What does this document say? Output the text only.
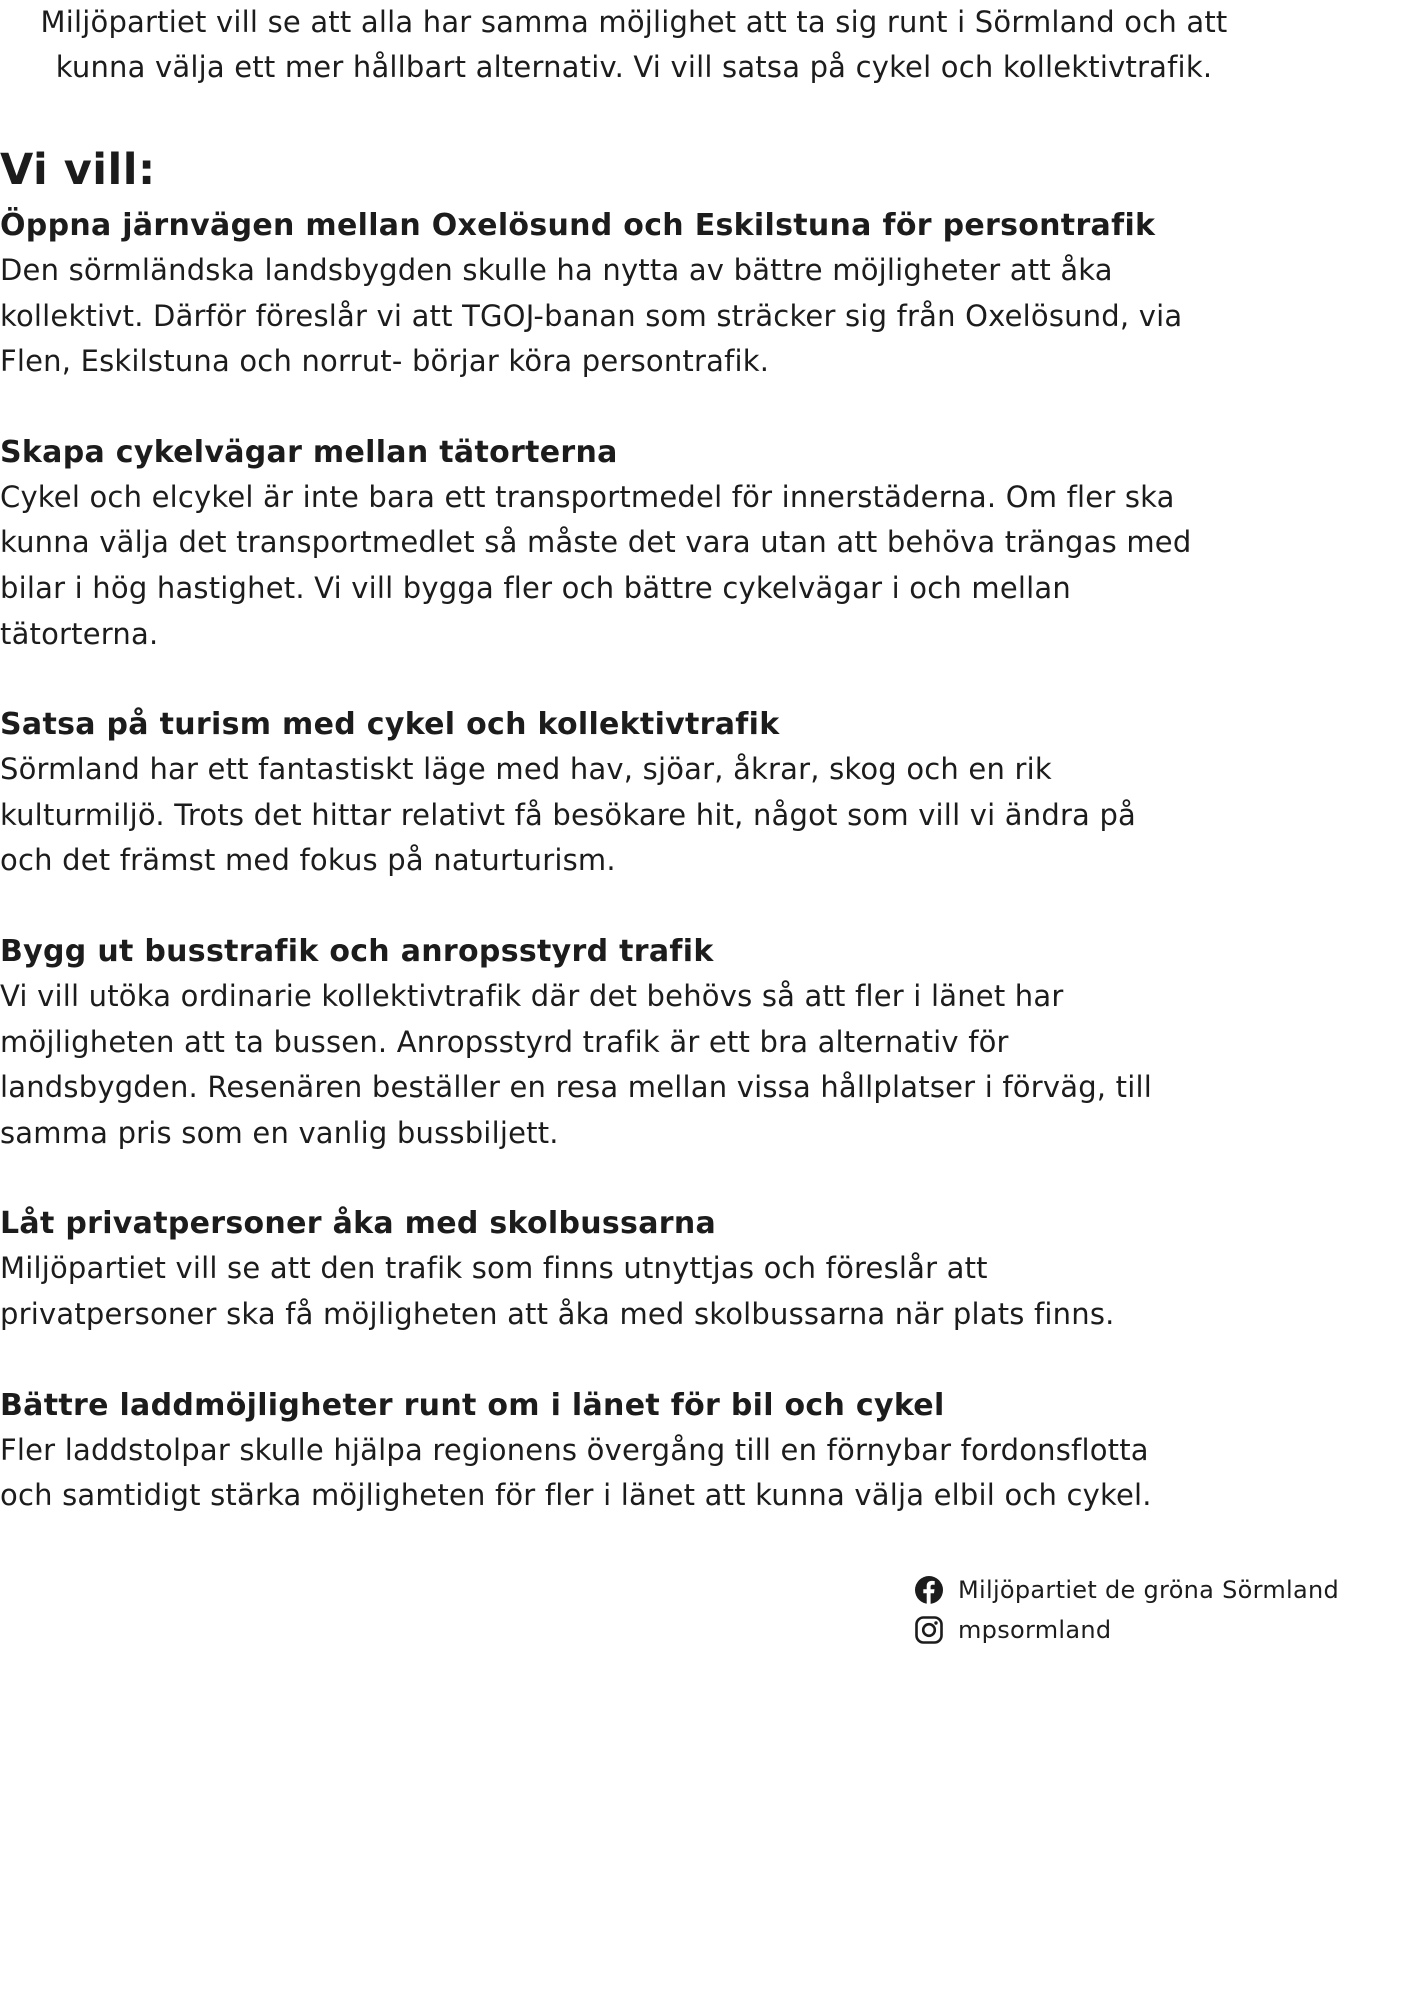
Miljöpartiet vill se att alla har samma möjlighet att ta sig runt i Sörmland och att
kunna välja ett mer hållbart alternativ. Vi vill satsa på cykel och kollektivtrafik.

Vi vill:
Öppna järnvägen mellan Oxelösund och Eskilstuna för persontrafik

Den sörmländska landsbygden skulle ha nytta av bättre möjligheter att åka
kollektivt. Därför föreslår vi att TGOJ-banan som sträcker sig från Oxelösund, via
Flen, Eskilstuna och norrut- börjar köra persontrafik.

Skapa cykelvägar mellan tätorterna

Cykel och elcykel är inte bara ett transportmedel för innerstäderna. Om fler ska
kunna välja det transportmedlet så måste det vara utan att behöva trängas med
bilar i hög hastighet. Vi vill bygga fler och bättre cykelvägar i och mellan
tätorterna.

Satsa på turism med cykel och kollektivtrafik

Sörmland har ett fantastiskt läge med hav, sjöar, åkrar, skog och en rik
kulturmiljö. Trots det hittar relativt få besökare hit, något som vill vi ändra på
och det främst med fokus på naturturism.

Bygg ut busstrafik och anropsstyrd trafik

Vi vill utöka ordinarie kollektivtrafik där det behövs så att fler i länet har
möjligheten att ta bussen. Anropsstyrd trafik är ett bra alternativ för
landsbygden. Resenären beställer en resa mellan vissa hållplatser i förväg, till
samma pris som en vanlig bussbiljett.

Låt privatpersoner åka med skolbussarna

Miljöpartiet vill se att den trafik som finns utnyttjas och föreslår att
privatpersoner ska få möjligheten att åka med skolbussarna när plats finns.

Bättre laddmöjligheter runt om i länet för bil och cykel

Fler laddstolpar skulle hjälpa regionens övergång till en förnybar fordonsflotta
och samtidigt stärka möjligheten för fler i länet att kunna välja elbil och cykel.

Miljöpartiet de gröna Sörmland
mpsormland
